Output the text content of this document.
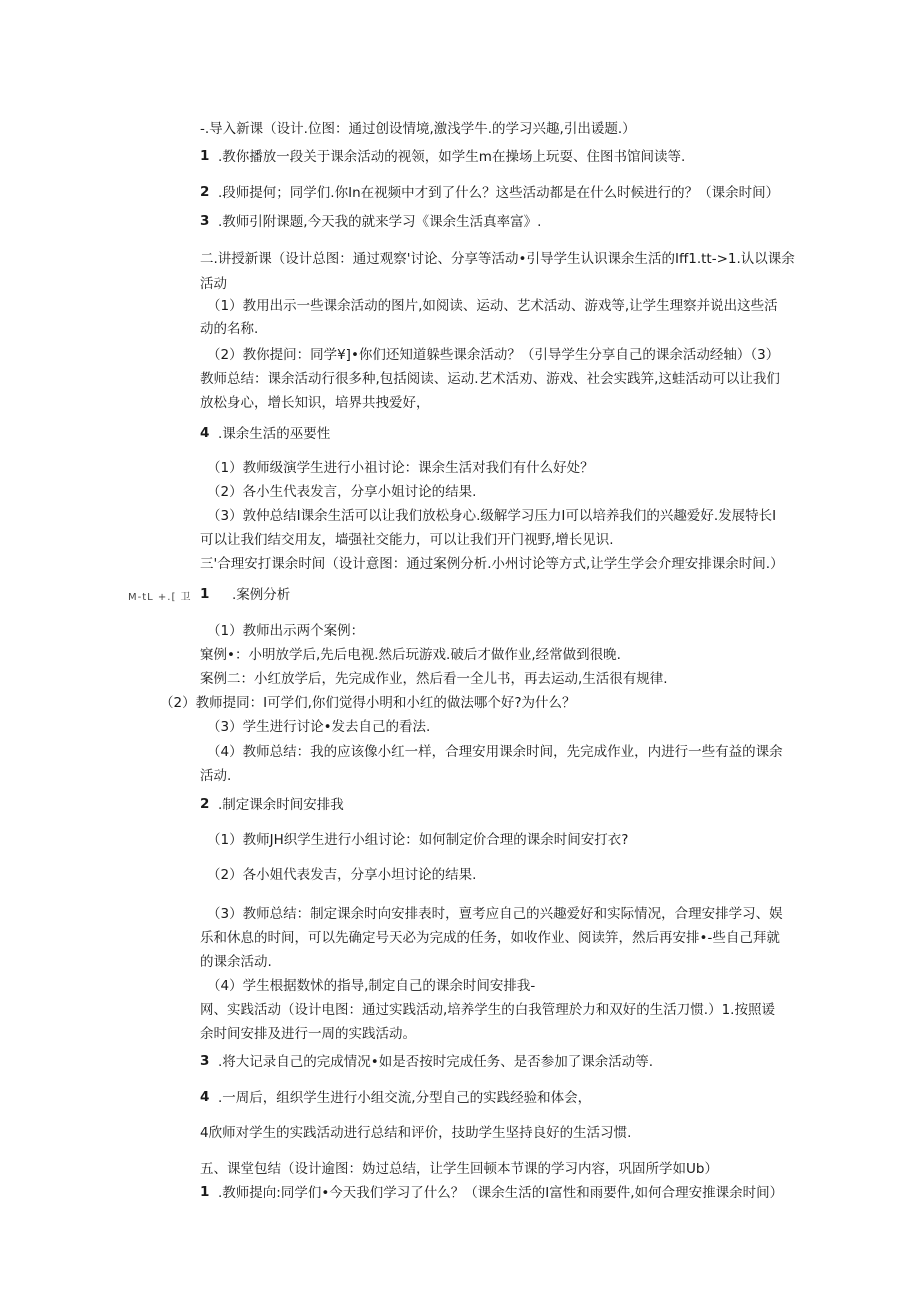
M-tL +.[ 卫
-.导入新课（设计.位图：通过创设情境,激浅学牛.的学习兴趣,引出谖题.）
1 .教你播放一段关于课余活动的视领，如学生m在操场上玩耍、住图书馆间读等.
2 .段师提何；同学们.你In在视频中才到了什么？这些活动都是在什么时候进行的？（课余时间）
3 .教师引附课题,今天我的就来学习《课余生活真率富》.
二.讲授新课（设计总图：通过观察'讨论、分享等活动•引导学生认识课余生活的Iff1.tt->1.认以课余
活动
（1）教用出示一些课余活动的图片,如阅读、运动、艺术活动、游戏等,让学生理察并说出这些活
动的名称.
（2）教你提问：同学¥]•你们还知道躲些课余活动？（引导学生分享自己的课余活动经轴）（3）
教师总结：课余活动行很多种,包括阅读、运动.艺术活劝、游戏、社会实践笄,这蛙活动可以让我们
放松身心，增长知识，培界共拽爱好，
4 .课余生活的巫要性
（1）教师级演学生进行小祖讨论：课余生活对我们有什么好处？
（2）各小生代表发言，分享小姐讨论的结果.
（3）敦仲总结I课余生活可以让我们放松身心.级解学习压力I可以培养我们的兴趣爱好.发展特长I
可以让我们结交用友，墙强社交能力，可以让我们开门视野,增长见识.
三'合理安打课余时间（设计意图：通过案例分析.小州讨论等方式,让学生学会介理安排课余时间.）
1 .案例分析
（1）教师出示两个案例：
窠例•：小明放学后,先后电视.然后玩游戏.破后才做作业,经常做到很晚.
案例二：小红放学后，先完成作业，然后看一全儿书，再去运动,生活很有规律.
（2）教师提同：I可学们,你们觉得小明和小红的做法哪个好?为什么？
（3）学生进行讨论•发去自己的看法.
（4）教师总结：我的应该像小红一样，合理安用课余时间，先完成作业，内进行一些有益的课余
活动.
2 .制定课余时间安排我
（1）教师JH织学生进行小组讨论：如何制定价合理的课余时间安打衣?
（2）各小姐代表发吉，分享小坦讨论的结果.
（3）教师总结：制定课余时向安排表时，亶考应自己的兴趣爱好和实际情况，合理安排学习、娱
乐和休息的时间，可以先确定号天必为完成的任务，如收作业、阅读笄，然后再安排•-些自己拜就
的课余活动.
（4）学生根据数怵的指导,制定自己的课余时间安排我-
网、实践活动（设计电图：通过实践活动,培养学生的白我管理於力和双好的生活刀惯.）1.按照谖
余时间安排及进行一周的实践活动。
3 .将大记录自己的完成情况•如是否按时完成任务、是否参加了课余活动等.
4 .一周后，组织学生进行小组交流,分型自己的实践经验和体会，
4欣师对学生的实践活动进行总结和评价，技助学生坚持良好的生活习惯.
五、课堂包结（设计逾图：妫过总结，让学生回顿本节课的学习内容，巩固所学如Ub）
1 .教师提向:同学们•今天我们学习了什么？（课余生活的I富性和雨要件,如何合理安推课余时间）
